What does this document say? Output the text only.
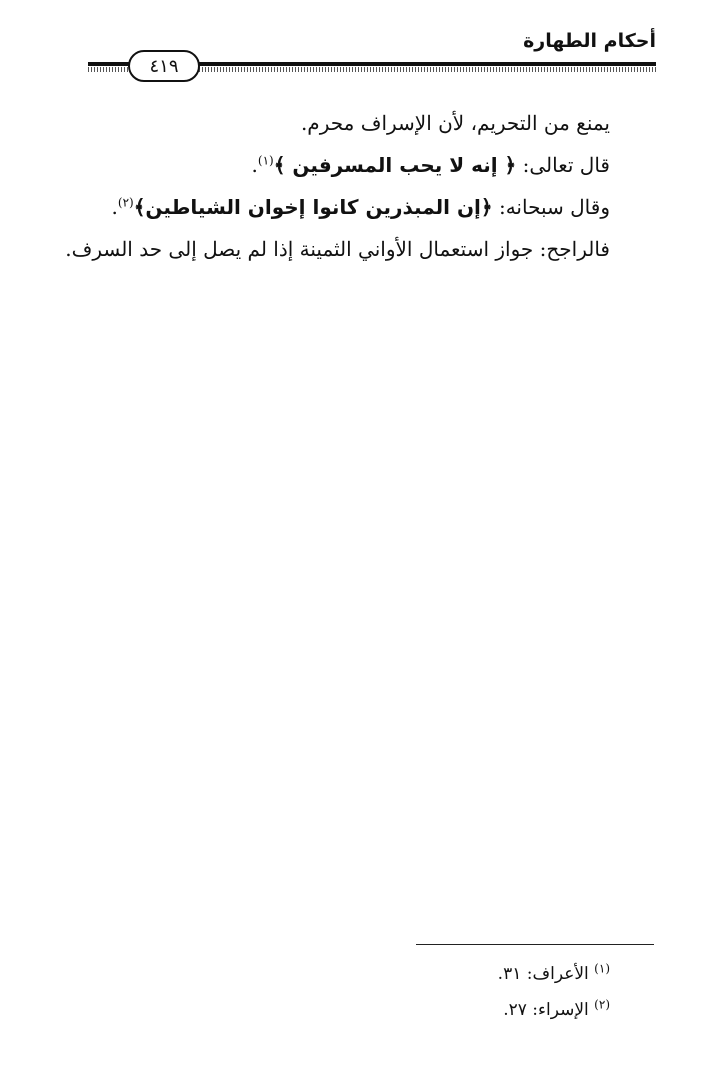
أحكام الطهارة
٤١٩
يمنع من التحريم، لأن الإسراف محرم.
قال تعالى: ﴿ إنه لا يحب المسرفين ﴾$^{(١)}$.
وقال سبحانه: ﴿إن المبذرين كانوا إخوان الشياطين﴾$^{(٢)}$.
فالراجح: جواز استعمال الأواني الثمينة إذا لم يصل إلى حد السرف.
$^{(١)}$ الأعراف: ٣١.
$^{(٢)}$ الإسراء: ٢٧.
